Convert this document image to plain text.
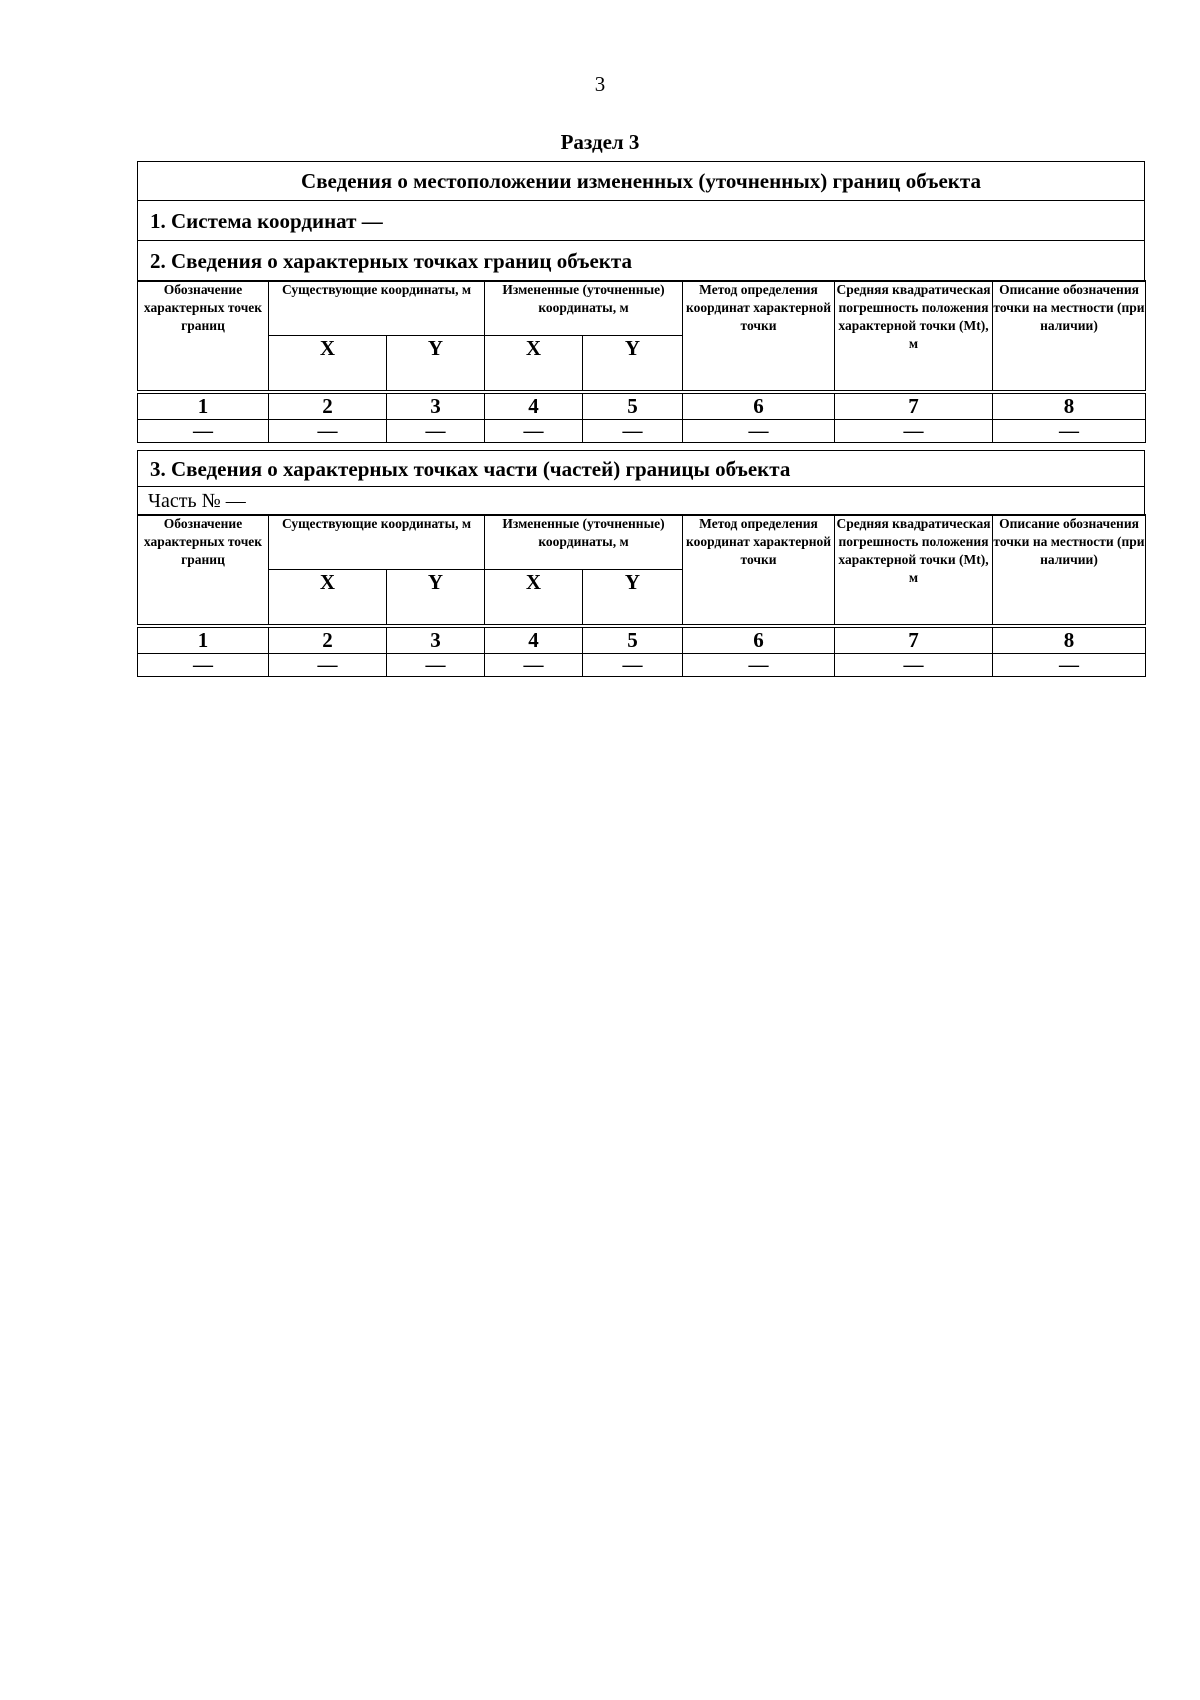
3
Раздел 3
Сведения о местоположении измененных (уточненных) границ объекта
1. Система координат —
2. Сведения о характерных точках границ объекта
Обозначение характерных точек границ	Существующие координаты, м		Измененные (уточненные) координаты, м		Метод определения координат характерной точки	Средняя квадратическая погрешность положения характерной точки (Mt), м	Описание обозначения точки на местности (при наличии)
	X	Y	X	Y			

1	2	3	4	5	6	7	8
—	—	—	—	—	—	—	—
3. Сведения о характерных точках части (частей) границы объекта
Часть № —
Обозначение характерных точек границ	Существующие координаты, м		Измененные (уточненные) координаты, м		Метод определения координат характерной точки	Средняя квадратическая погрешность положения характерной точки (Mt), м	Описание обозначения точки на местности (при наличии)
	X	Y	X	Y			

1	2	3	4	5	6	7	8
—	—	—	—	—	—	—	—
